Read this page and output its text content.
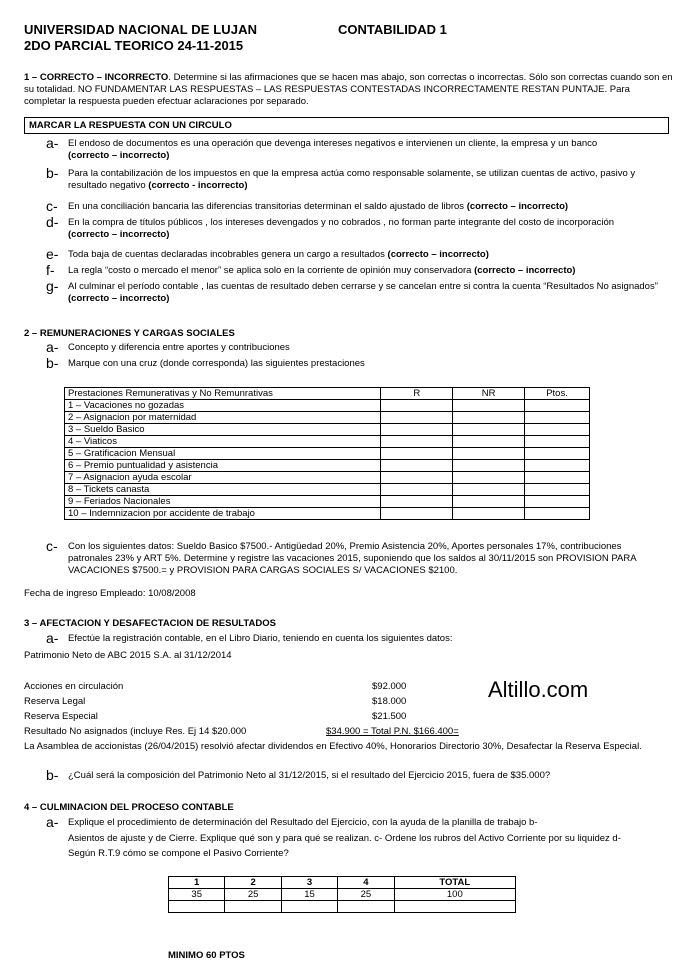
UNIVERSIDAD NACIONAL DE LUJAN	CONTABILIDAD 1
2DO PARCIAL TEORICO 24-11-2015
1 – CORRECTO – INCORRECTO. Determine si las afirmaciones que se hacen mas abajo, son correctas o incorrectas. Sólo son correctas cuando son en su totalidad. NO FUNDAMENTAR LAS RESPUESTAS – LAS RESPUESTAS CONTESTADAS INCORRECTAMENTE RESTAN PUNTAJE. Para completar la respuesta pueden efectuar aclaraciones por separado.
MARCAR LA RESPUESTA CON UN CIRCULO
a- El endoso de documentos es una operación que devenga intereses negativos e intervienen un cliente, la empresa y un banco
(correcto – incorrecto)
b- Para la contabilización de los impuestos en que la empresa actúa como responsable solamente, se utilizan cuentas de activo, pasivo y resultado negativo (correcto - incorrecto)
c- En una conciliación bancaria las diferencias transitorias determinan el saldo ajustado de libros (correcto – incorrecto)
d- En la compra de títulos públicos , los intereses devengados y no cobrados , no forman parte integrante del costo de incorporación
(correcto – incorrecto)
e- Toda baja de cuentas declaradas incobrables genera un cargo a resultados (correcto – incorrecto)
f- La regla “costo o mercado el menor” se aplica solo en la corriente de opinión muy conservadora (correcto – incorrecto)
g- Al culminar el período contable , las cuentas de resultado deben cerrarse y se cancelan entre si contra la cuenta “Resultados No asignados” (correcto – incorrecto)
2 – REMUNERACIONES Y CARGAS SOCIALES
a- Concepto y diferencia entre aportes y contribuciones
b- Marque con una cruz (donde corresponda) las siguientes prestaciones
Prestaciones Remunerativas y No Remunrativas	R	NR	Ptos.
1 – Vacaciones no gozadas			
2 – Asignacion por maternidad			
3 – Sueldo Basico			
4 – Viaticos			
5 – Gratificacion Mensual			
6 – Premio puntualidad y asistencia			
7 – Asignacion ayuda escolar			
8 – Tickets canasta			
9 – Feriados Nacionales			
10 – Indemnizacion por accidente de trabajo			
c- Con los siguientes datos: Sueldo Basico $7500.- Antigüedad 20%, Premio Asistencia 20%, Aportes personales 17%, contribuciones patronales 23% y ART 5%. Determine y registre las vacaciones 2015, suponiendo que los saldos al 30/11/2015 son PROVISION PARA VACACIONES $7500.= y PROVISION PARA CARGAS SOCIALES S/ VACACIONES $2100.
Fecha de ingreso Empleado: 10/08/2008
3 – AFECTACION Y DESAFECTACION DE RESULTADOS
a- Efectúe la registración contable, en el Libro Diario, teniendo en cuenta los siguientes datos:
Patrimonio Neto de ABC 2015 S.A. al 31/12/2014
Acciones en circulación	$92.000
Reserva Legal	$18.000
Reserva Especial	$21.500
Resultado No asignados (incluye Res. Ej 14 $20.000	$34.900 = Total P.N. $166.400=
Altillo.com
La Asamblea de accionistas (26/04/2015) resolvió afectar dividendos en Efectivo 40%, Honorarios Directorio 30%, Desafectar la Reserva Especial.
b- ¿Cuál será la composición del Patrimonio Neto al 31/12/2015, si el resultado del Ejercicio 2015, fuera de $35.000?
4 – CULMINACION DEL PROCESO CONTABLE
a- Explique el procedimiento de determinación del Resultado del Ejercicio, con la ayuda de la planilla de trabajo b-
Asientos de ajuste y de Cierre. Explique qué son y para qué se realizan. c- Ordene los rubros del Activo Corriente por su liquidez d-
Según R.T.9 cómo se compone el Pasivo Corriente?
1	2	3	4	TOTAL
35	25	15	25	100

MINIMO 60 PTOS
